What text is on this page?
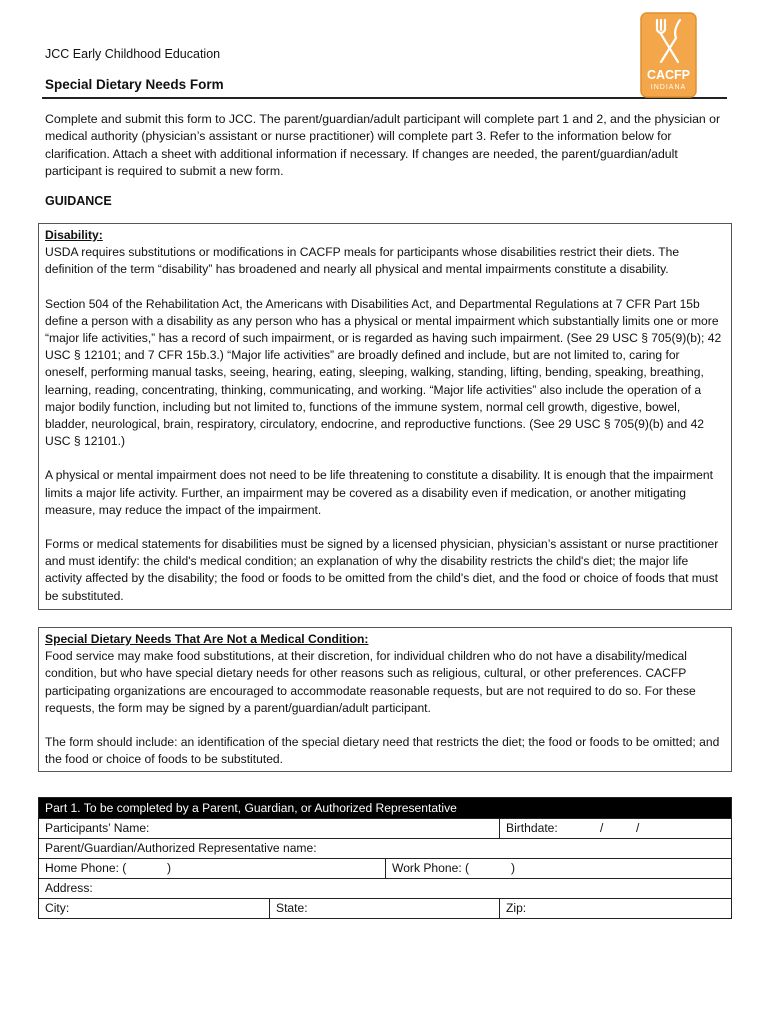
JCC Early Childhood Education
Special Dietary Needs Form
CACFP
INDIANA
Complete and submit this form to JCC. The parent/guardian/adult participant will complete part 1 and 2, and the physician or medical authority (physician’s assistant or nurse practitioner) will complete part 3. Refer to the information below for clarification. Attach a sheet with additional information if necessary. If changes are needed, the parent/guardian/adult participant is required to submit a new form.
GUIDANCE
Disability:

USDA requires substitutions or modifications in CACFP meals for participants whose disabilities restrict their diets. The definition of the term “disability” has broadened and nearly all physical and mental impairments constitute a disability.

Section 504 of the Rehabilitation Act, the Americans with Disabilities Act, and Departmental Regulations at 7 CFR Part 15b define a person with a disability as any person who has a physical or mental impairment which substantially limits one or more “major life activities,” has a record of such impairment, or is regarded as having such impairment. (See 29 USC § 705(9)(b); 42 USC § 12101; and 7 CFR 15b.3.) “Major life activities” are broadly defined and include, but are not limited to, caring for oneself, performing manual tasks, seeing, hearing, eating, sleeping, walking, standing, lifting, bending, speaking, breathing, learning, reading, concentrating, thinking, communicating, and working. “Major life activities” also include the operation of a major bodily function, including but not limited to, functions of the immune system, normal cell growth, digestive, bowel, bladder, neurological, brain, respiratory, circulatory, endocrine, and reproductive functions. (See 29 USC § 705(9)(b) and 42 USC § 12101.)

A physical or mental impairment does not need to be life threatening to constitute a disability. It is enough that the impairment limits a major life activity. Further, an impairment may be covered as a disability even if medication, or another mitigating measure, may reduce the impact of the impairment.

Forms or medical statements for disabilities must be signed by a licensed physician, physician’s assistant or nurse practitioner and must identify: the child's medical condition; an explanation of why the disability restricts the child's diet; the major life activity affected by the disability; the food or foods to be omitted from the child's diet, and the food or choice of foods that must be substituted.

Special Dietary Needs That Are Not a Medical Condition:

Food service may make food substitutions, at their discretion, for individual children who do not have a disability/medical condition, but who have special dietary needs for other reasons such as religious, cultural, or other preferences. CACFP participating organizations are encouraged to accommodate reasonable requests, but are not required to do so. For these requests, the form may be signed by a parent/guardian/adult participant.

The form should include: an identification of the special dietary need that restricts the diet; the food or foods to be omitted; and the food or choice of foods to be substituted.

Part 1. To be completed by a Parent, Guardian, or Authorized Representative
Participants’ Name:	Birthdate:	/	/
Parent/Guardian/Authorized Representative name:
Home Phone: (	)	Work Phone: (	)
Address:
City:	State:	Zip:
